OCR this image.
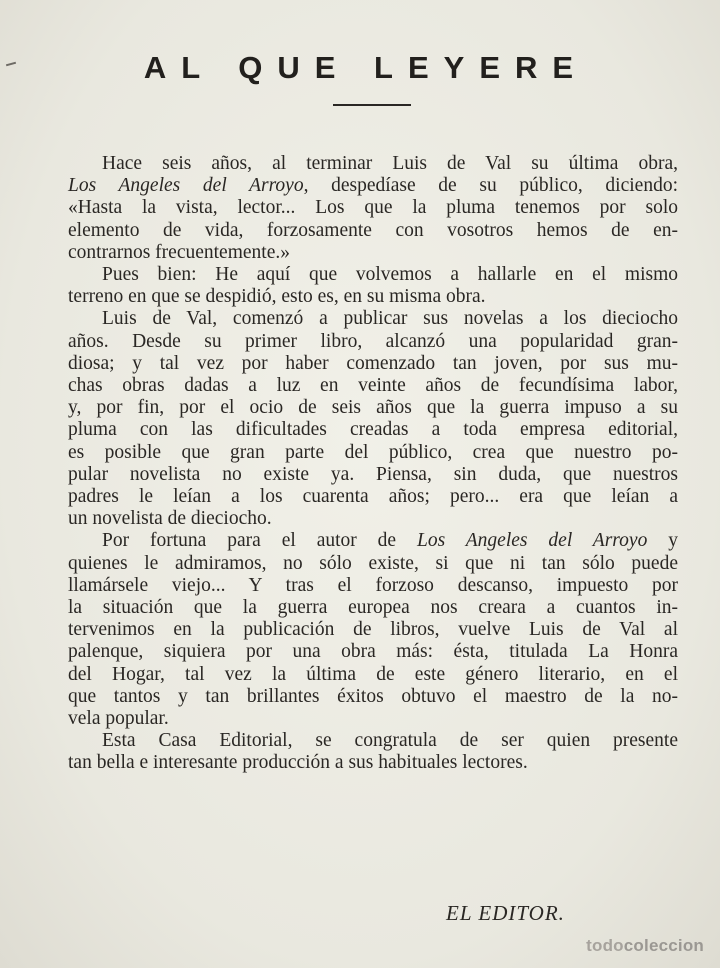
AL QUE LEYERE
Hace seis años, al terminar Luis de Val su última obra,
Los Angeles del Arroyo, despedíase de su público, diciendo:
«Hasta la vista, lector... Los que la pluma tenemos por solo
elemento de vida, forzosamente con vosotros hemos de en-
contrarnos frecuentemente.»
Pues bien: He aquí que volvemos a hallarle en el mismo
terreno en que se despidió, esto es, en su misma obra.
Luis de Val, comenzó a publicar sus novelas a los dieciocho
años. Desde su primer libro, alcanzó una popularidad gran-
diosa; y tal vez por haber comenzado tan joven, por sus mu-
chas obras dadas a luz en veinte años de fecundísima labor,
y, por fin, por el ocio de seis años que la guerra impuso a su
pluma con las dificultades creadas a toda empresa editorial,
es posible que gran parte del público, crea que nuestro po-
pular novelista no existe ya. Piensa, sin duda, que nuestros
padres le leían a los cuarenta años; pero... era que leían a
un novelista de dieciocho.
Por fortuna para el autor de Los Angeles del Arroyo y
quienes le admiramos, no sólo existe, si que ni tan sólo puede
llamársele viejo... Y tras el forzoso descanso, impuesto por
la situación que la guerra europea nos creara a cuantos in-
tervenimos en la publicación de libros, vuelve Luis de Val al
palenque, siquiera por una obra más: ésta, titulada La Honra
del Hogar, tal vez la última de este género literario, en el
que tantos y tan brillantes éxitos obtuvo el maestro de la no-
vela popular.
Esta Casa Editorial, se congratula de ser quien presente
tan bella e interesante producción a sus habituales lectores.
EL EDITOR.
todocoleccion
